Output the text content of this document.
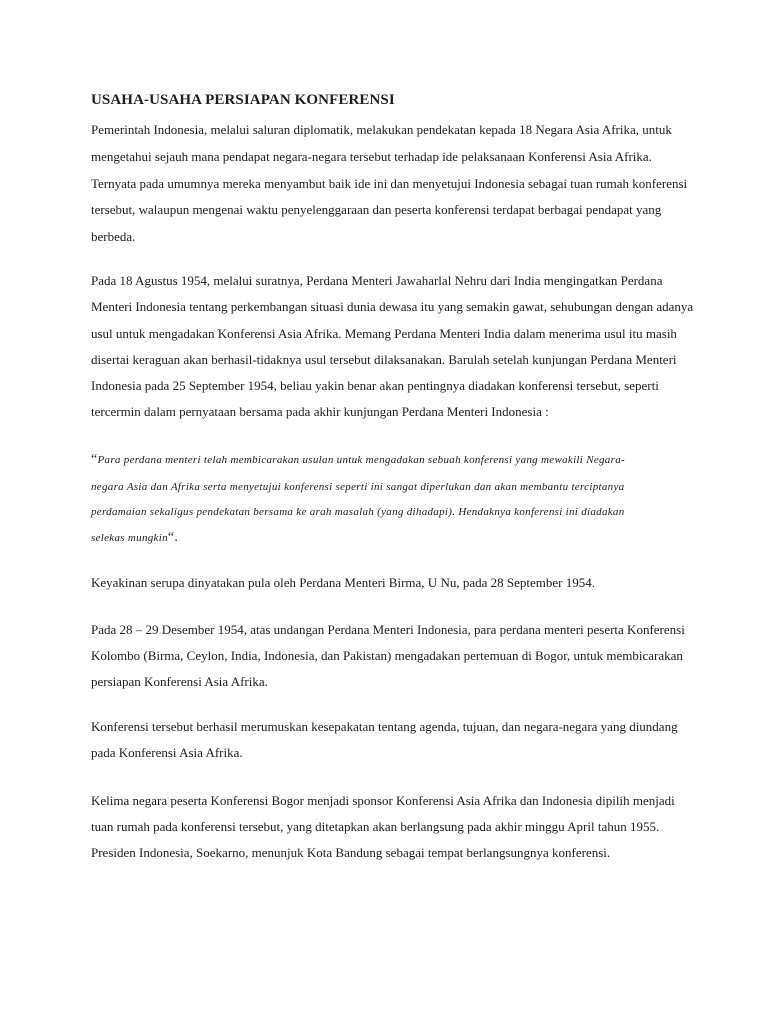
USAHA-USAHA PERSIAPAN KONFERENSI
Pemerintah Indonesia, melalui saluran diplomatik, melakukan pendekatan kepada 18 Negara Asia Afrika, untuk
mengetahui sejauh mana pendapat negara-negara tersebut terhadap ide pelaksanaan Konferensi Asia Afrika.
Ternyata pada umumnya mereka menyambut baik ide ini dan menyetujui Indonesia sebagai tuan rumah konferensi
tersebut, walaupun mengenai waktu penyelenggaraan dan peserta konferensi terdapat berbagai pendapat yang
berbeda.
Pada 18 Agustus 1954, melalui suratnya, Perdana Menteri Jawaharlal Nehru dari India mengingatkan Perdana
Menteri Indonesia tentang perkembangan situasi dunia dewasa itu yang semakin gawat, sehubungan dengan adanya
usul untuk mengadakan Konferensi Asia Afrika. Memang Perdana Menteri India dalam menerima usul itu masih
disertai keraguan akan berhasil-tidaknya usul tersebut dilaksanakan. Barulah setelah kunjungan Perdana Menteri
Indonesia pada 25 September 1954, beliau yakin benar akan pentingnya diadakan konferensi tersebut, seperti
tercermin dalam pernyataan bersama pada akhir kunjungan Perdana Menteri Indonesia :
“Para perdana menteri telah membicarakan usulan untuk mengadakan sebuah konferensi yang mewakili Negara-
negara Asia dan Afrika serta menyetujui konferensi seperti ini sangat diperlukan dan akan membantu terciptanya
perdamaian sekaligus pendekatan bersama ke arah masalah (yang dihadapi). Hendaknya konferensi ini diadakan
selekas mungkin“.
Keyakinan serupa dinyatakan pula oleh Perdana Menteri Birma, U Nu, pada 28 September 1954.
Pada 28 – 29 Desember 1954, atas undangan Perdana Menteri Indonesia, para perdana menteri peserta Konferensi
Kolombo (Birma, Ceylon, India, Indonesia, dan Pakistan) mengadakan pertemuan di Bogor, untuk membicarakan
persiapan Konferensi Asia Afrika.
Konferensi tersebut berhasil merumuskan kesepakatan tentang agenda, tujuan, dan negara-negara yang diundang
pada Konferensi Asia Afrika.
Kelima negara peserta Konferensi Bogor menjadi sponsor Konferensi Asia Afrika dan Indonesia dipilih menjadi
tuan rumah pada konferensi tersebut, yang ditetapkan akan berlangsung pada akhir minggu April tahun 1955.
Presiden Indonesia, Soekarno, menunjuk Kota Bandung sebagai tempat berlangsungnya konferensi.
